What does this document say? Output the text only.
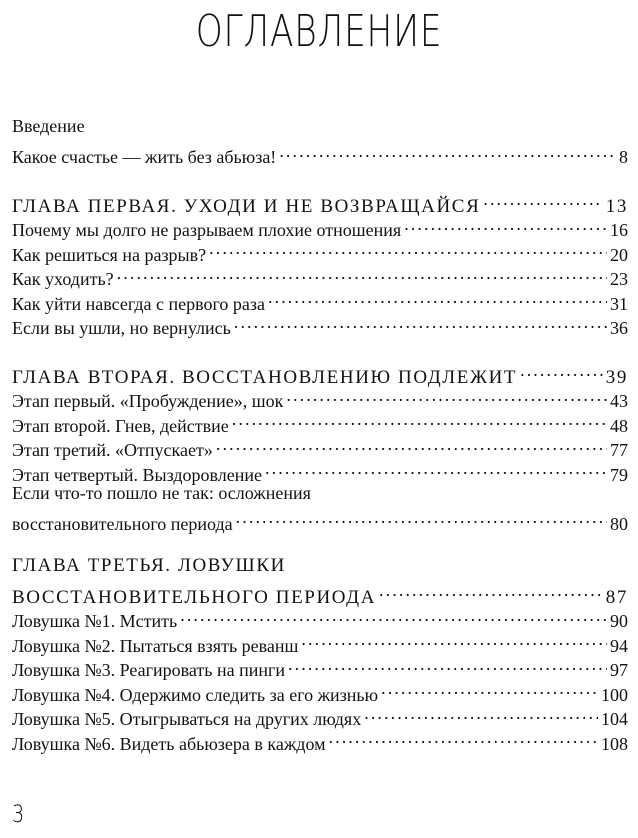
ОГЛАВЛЕНИЕ
Введение
Какое счастье — жить без абьюза! . . .	8
ГЛАВА ПЕРВАЯ. УХОДИ И НЕ ВОЗВРАЩАЙСЯ . . .	13
Почему мы долго не разрываем плохие отношения . . .	16
Как решиться на разрыв? . . .	20
Как уходить? . . .	23
Как уйти навсегда с первого раза . . .	31
Если вы ушли, но вернулись . . .	36
ГЛАВА ВТОРАЯ. ВОССТАНОВЛЕНИЮ ПОДЛЕЖИТ . . .	39
Этап первый. «Пробуждение», шок . . .	43
Этап второй. Гнев, действие . . .	48
Этап третий. «Отпускает» . . .	77
Этап четвертый. Выздоровление . . .	79
Если что-то пошло не так: осложнения
восстановительного периода . . .	80
ГЛАВА ТРЕТЬЯ. ЛОВУШКИ
ВОССТАНОВИТЕЛЬНОГО ПЕРИОДА . . .	87
Ловушка №1. Мстить . . .	90
Ловушка №2. Пытаться взять реванш . . .	94
Ловушка №3. Реагировать на пинги . . .	97
Ловушка №4. Одержимо следить за его жизнью . . .	100
Ловушка №5. Отыгрываться на других людях . . .	104
Ловушка №6. Видеть абьюзера в каждом . . .	108
3
